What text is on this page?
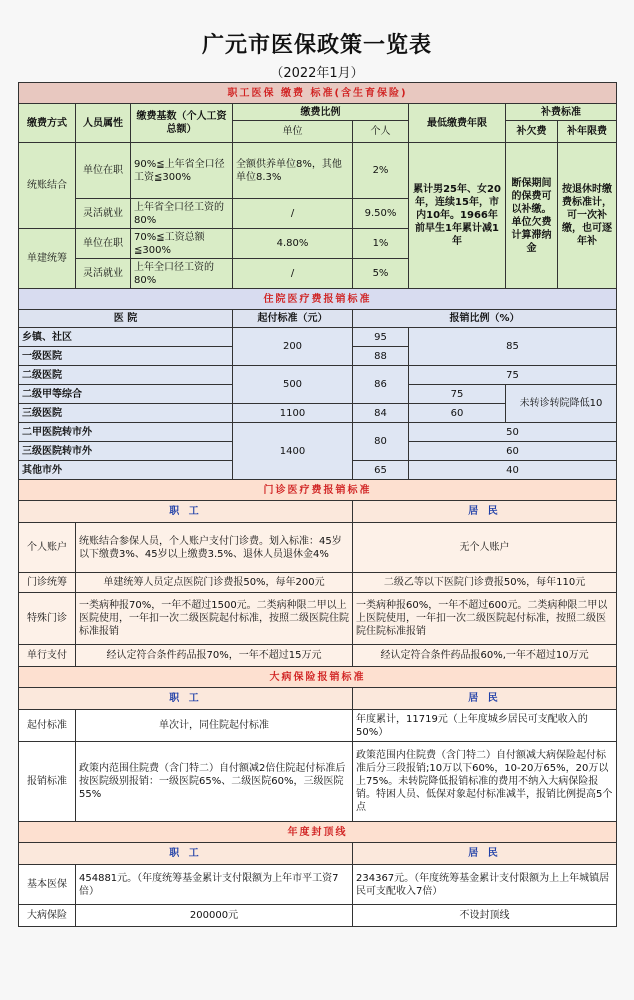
广元市医保政策一览表
（2022年1月）
职工医保 缴费 标准(含生育保险)							
缴费方式	人员属性	缴费基数（个人工资总额）	缴费比例		最低缴费年限	补费标准	
			单位	个人		补欠费	补年限费
统账结合	单位在职	90%≦上年省全口径工资≦300%	全额供养单位8%，其他单位8.3%	2%	累计男25年、女20年，连续15年，市内10年。1966年前早生1年累计减1年	断保期间的保费可以补缴。单位欠费计算滞纳金	按退休时缴费标准计，可一次补缴，也可逐年补
	灵活就业	上年省全口径工资的80%	/	9.50%			
单建统筹	单位在职	70%≦工资总额≦300%	4.80%	1%			
	灵活就业	上年全口径工资的80%	/	5%			
住院医疗费报销标准							
医 院			起付标准（元）	报销比例（%）			
乡镇、社区			200	95	85		
一级医院				88			
二级医院			500	86	75		
二级甲等综合					75	未转诊转院降低10	
三级医院			1100	84	60		
二甲医院转市外			1400	80	50		
三级医院转市外					60		
其他市外				65	40		
门诊医疗费报销标准							
职 工				居 民			
个人账户	统账结合参保人员，个人账户支付门诊费。划入标准：45岁以下缴费3%、45岁以上缴费3.5%、退休人员退休金4%			无个人账户			
门诊统筹	单建统筹人员定点医院门诊费报50%，每年200元			二级乙等以下医院门诊费报50%，每年110元			
特殊门诊	一类病种报70%，一年不超过1500元。二类病种限二甲以上医院使用，一年扣一次二级医院起付标准，按照二级医院住院标准报销			一类病种报60%，一年不超过600元。二类病种限二甲以上医院使用，一年扣一次二级医院起付标准，按照二级医院住院标准报销			
单行支付	经认定符合条件药品报70%，一年不超过15万元			经认定符合条件药品报60%,一年不超过10万元			
大病保险报销标准							
职 工				居 民			
起付标准	单次计，同住院起付标准			年度累计，11719元（上年度城乡居民可支配收入的50%）			
报销标准	政策内范围住院费（含门特二）自付额减2倍住院起付标准后按医院级别报销：一级医院65%、二级医院60%，三级医院55%			政策范围内住院费（含门特二）自付额减大病保险起付标准后分三段报销;10万以下60%，10-20万65%，20万以上75%。未转院降低报销标准的费用不纳入大病保险报销。特困人员、低保对象起付标准减半，报销比例提高5个点			
年度封顶线							
职 工				居 民			
基本医保	454881元。（年度统筹基金累计支付限额为上年市平工资7倍）			234367元。（年度统筹基金累计支付限额为上上年城镇居民可支配收入7倍）			
大病保险	200000元			不设封顶线			
